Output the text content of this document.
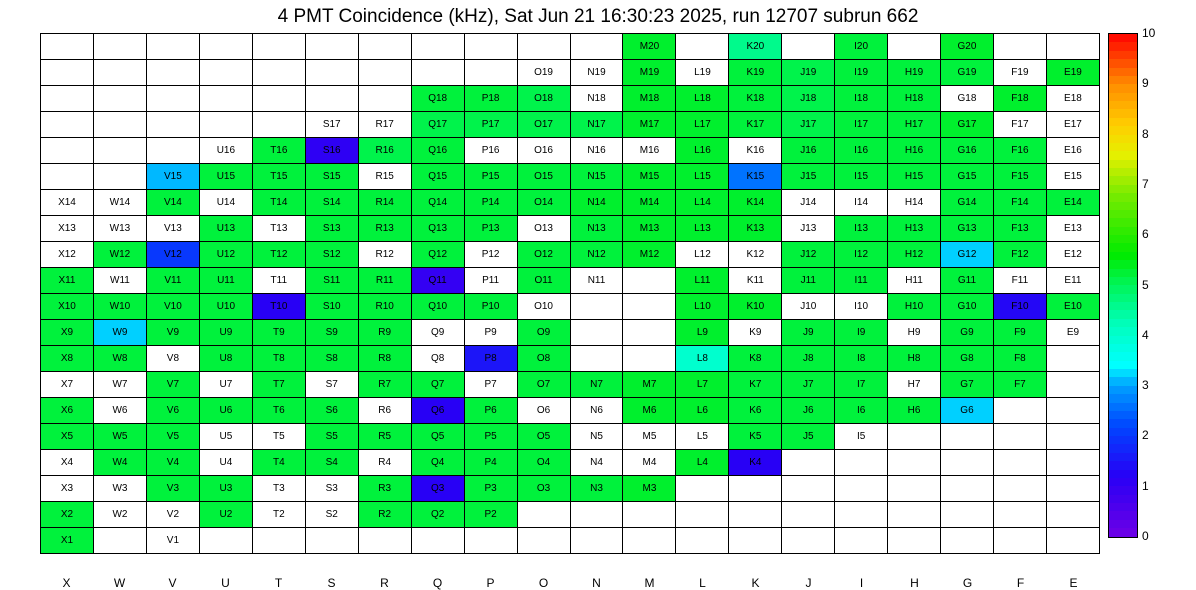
4 PMT Coincidence (kHz), Sat Jun 21 16:30:23 2025, run 12707 subrun 662
											M20		K20		I20		G20		
									O19	N19	M19	L19	K19	J19	I19	H19	G19	F19	E19
							Q18	P18	O18	N18	M18	L18	K18	J18	I18	H18	G18	F18	E18
					S17	R17	Q17	P17	O17	N17	M17	L17	K17	J17	I17	H17	G17	F17	E17
			U16	T16	S16	R16	Q16	P16	O16	N16	M16	L16	K16	J16	I16	H16	G16	F16	E16
		V15	U15	T15	S15	R15	Q15	P15	O15	N15	M15	L15	K15	J15	I15	H15	G15	F15	E15
X14	W14	V14	U14	T14	S14	R14	Q14	P14	O14	N14	M14	L14	K14	J14	I14	H14	G14	F14	E14
X13	W13	V13	U13	T13	S13	R13	Q13	P13	O13	N13	M13	L13	K13	J13	I13	H13	G13	F13	E13
X12	W12	V12	U12	T12	S12	R12	Q12	P12	O12	N12	M12	L12	K12	J12	I12	H12	G12	F12	E12
X11	W11	V11	U11	T11	S11	R11	Q11	P11	O11	N11		L11	K11	J11	I11	H11	G11	F11	E11
X10	W10	V10	U10	T10	S10	R10	Q10	P10	O10			L10	K10	J10	I10	H10	G10	F10	E10
X9	W9	V9	U9	T9	S9	R9	Q9	P9	O9			L9	K9	J9	I9	H9	G9	F9	E9
X8	W8	V8	U8	T8	S8	R8	Q8	P8	O8			L8	K8	J8	I8	H8	G8	F8	
X7	W7	V7	U7	T7	S7	R7	Q7	P7	O7	N7	M7	L7	K7	J7	I7	H7	G7	F7	
X6	W6	V6	U6	T6	S6	R6	Q6	P6	O6	N6	M6	L6	K6	J6	I6	H6	G6		
X5	W5	V5	U5	T5	S5	R5	Q5	P5	O5	N5	M5	L5	K5	J5	I5				
X4	W4	V4	U4	T4	S4	R4	Q4	P4	O4	N4	M4	L4	K4						
X3	W3	V3	U3	T3	S3	R3	Q3	P3	O3	N3	M3								
X2	W2	V2	U2	T2	S2	R2	Q2	P2											
X1		V1																	
X	W	V	U	T	S	R	Q	P	O	N	M	L	K	J	I	H	G	F	E
0
1
2
3
4
5
6
7
8
9
10
